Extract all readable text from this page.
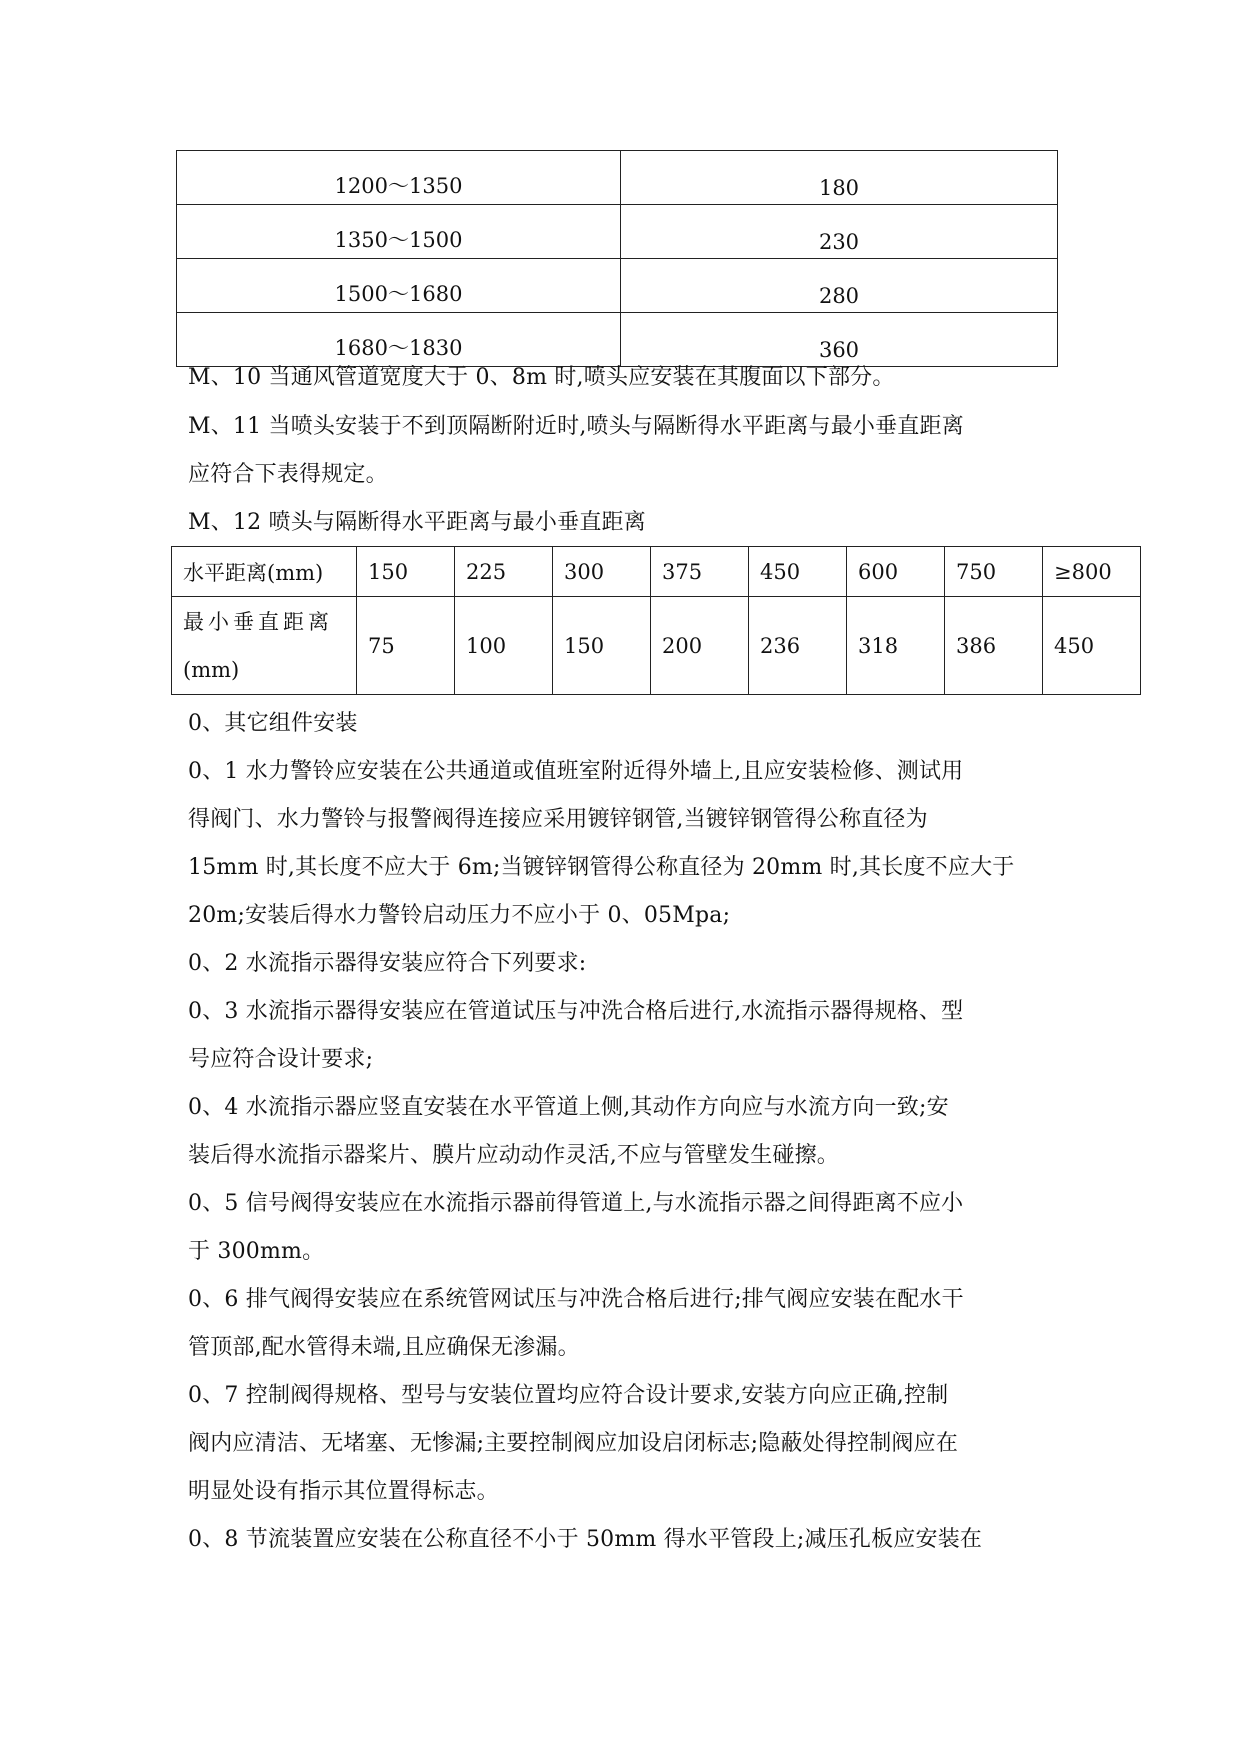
1200～1350	180
1350～1500	230
1500～1680	280
1680～1830	360
M、10 当通风管道宽度大于 0、8m 时,喷头应安装在其腹面以下部分。
M、11 当喷头安装于不到顶隔断附近时,喷头与隔断得水平距离与最小垂直距离
应符合下表得规定。
M、12 喷头与隔断得水平距离与最小垂直距离
水平距离(mm)	150	225	300	375	450	600	750	≥800

最小垂直距离
(mm)	75	100	150	200	236	318	386	450
0、其它组件安装
0、1 水力警铃应安装在公共通道或值班室附近得外墙上,且应安装检修、测试用
得阀门、水力警铃与报警阀得连接应采用镀锌钢管,当镀锌钢管得公称直径为
15mm 时,其长度不应大于 6m;当镀锌钢管得公称直径为 20mm 时,其长度不应大于
20m;安装后得水力警铃启动压力不应小于 0、05Mpa;
0、2 水流指示器得安装应符合下列要求:
0、3 水流指示器得安装应在管道试压与冲洗合格后进行,水流指示器得规格、型
号应符合设计要求;
0、4 水流指示器应竖直安装在水平管道上侧,其动作方向应与水流方向一致;安
装后得水流指示器桨片、膜片应动动作灵活,不应与管壁发生碰擦。
0、5 信号阀得安装应在水流指示器前得管道上,与水流指示器之间得距离不应小
于 300mm。
0、6 排气阀得安装应在系统管网试压与冲洗合格后进行;排气阀应安装在配水干
管顶部,配水管得未端,且应确保无渗漏。
0、7 控制阀得规格、型号与安装位置均应符合设计要求,安装方向应正确,控制
阀内应清洁、无堵塞、无惨漏;主要控制阀应加设启闭标志;隐蔽处得控制阀应在
明显处设有指示其位置得标志。
0、8 节流装置应安装在公称直径不小于 50mm 得水平管段上;减压孔板应安装在
